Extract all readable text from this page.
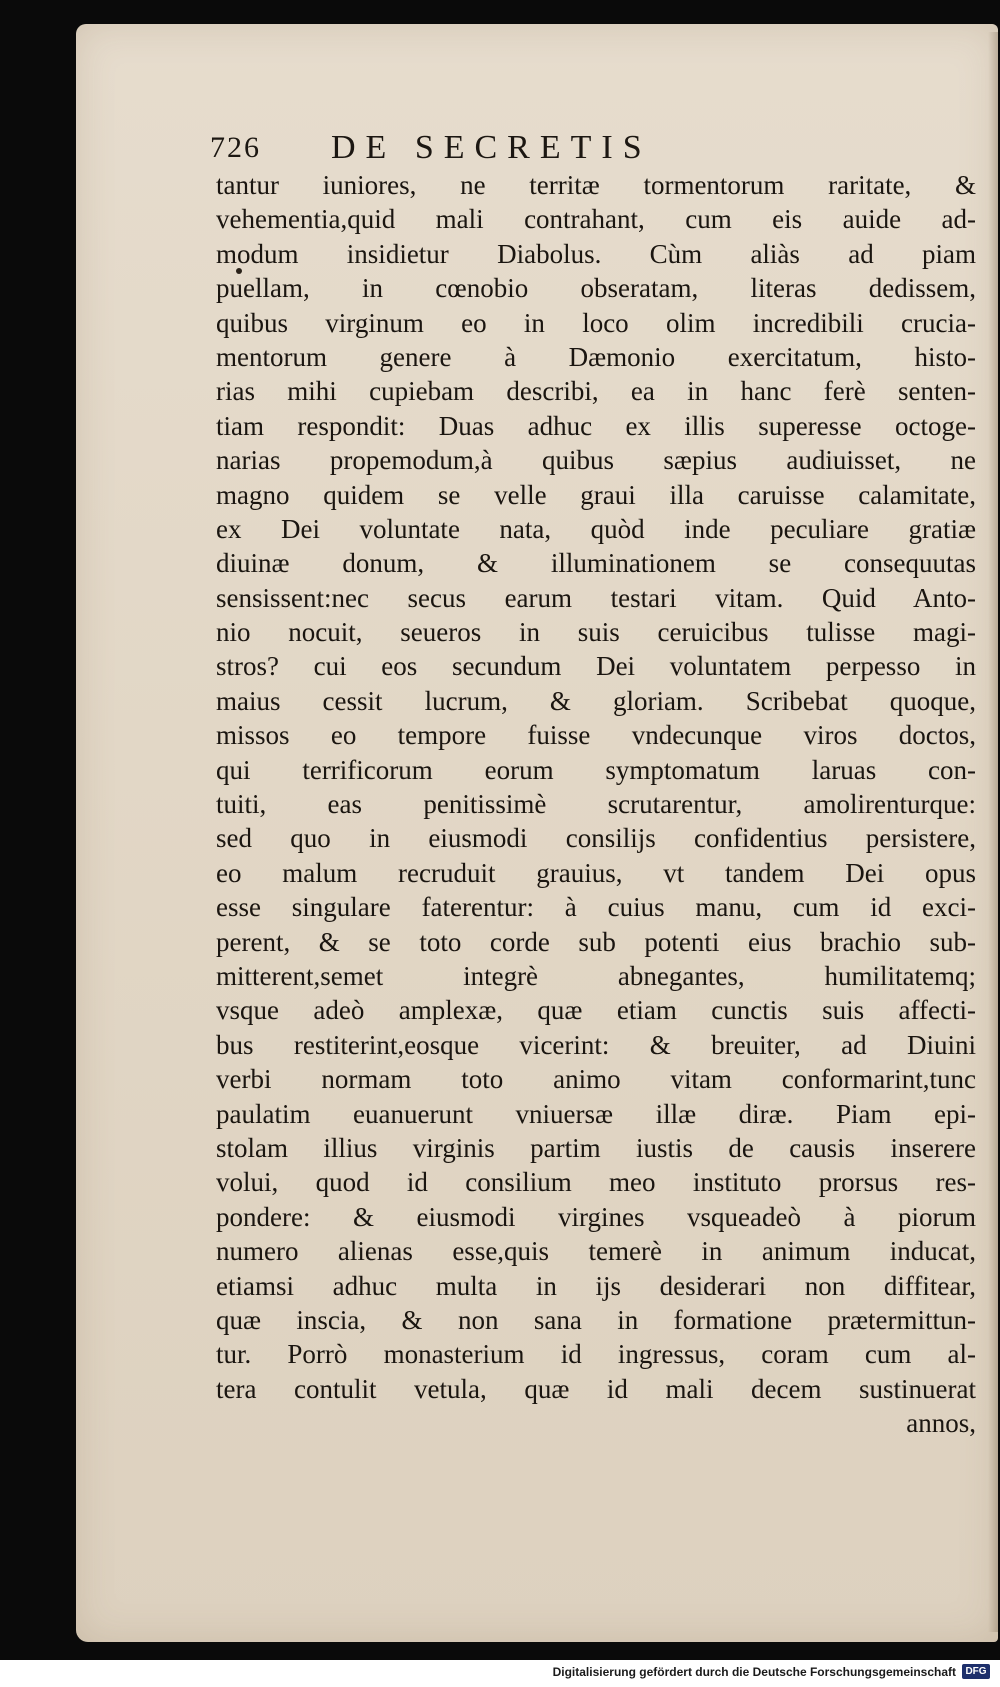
726 DE SECRETIS
tantur iuniores, ne territæ tormentorum raritate, &
vehementia,quid mali contrahant, cum eis auide ad-
modum insidietur Diabolus. Cùm aliàs ad piam
puellam, in cœnobio obseratam, literas dedissem,
quibus virginum eo in loco olim incredibili crucia-
mentorum genere à Dæmonio exercitatum, histo-
rias mihi cupiebam describi, ea in hanc ferè senten-
tiam respondit: Duas adhuc ex illis superesse octoge-
narias propemodum,à quibus sæpius audiuisset, ne
magno quidem se velle graui illa caruisse calamitate,
ex Dei voluntate nata, quòd inde peculiare gratiæ
diuinæ donum, & illuminationem se consequutas
sensissent:nec secus earum testari vitam. Quid Anto-
nio nocuit, seueros in suis ceruicibus tulisse magi-
stros? cui eos secundum Dei voluntatem perpesso in
maius cessit lucrum, & gloriam. Scribebat quoque,
missos eo tempore fuisse vndecunque viros doctos,
qui terrificorum eorum symptomatum laruas con-
tuiti, eas penitissimè scrutarentur, amolirenturque:
sed quo in eiusmodi consilijs confidentius persistere,
eo malum recruduit grauius, vt tandem Dei opus
esse singulare faterentur: à cuius manu, cum id exci-
perent, & se toto corde sub potenti eius brachio sub-
mitterent,semet integrè abnegantes, humilitatemq;
vsque adeò amplexæ, quæ etiam cunctis suis affecti-
bus restiterint,eosque vicerint: & breuiter, ad Diuini
verbi normam toto animo vitam conformarint,tunc
paulatim euanuerunt vniuersæ illæ diræ. Piam epi-
stolam illius virginis partim iustis de causis inserere
volui, quod id consilium meo instituto prorsus res-
pondere: & eiusmodi virgines vsqueadeò à piorum
numero alienas esse,quis temerè in animum inducat,
etiamsi adhuc multa in ijs desiderari non diffitear,
quæ inscia, & non sana in formatione prætermittun-
tur. Porrò monasterium id ingressus, coram cum al-
tera contulit vetula, quæ id mali decem sustinuerat
annos,
Digitalisierung gefördert durch die Deutsche Forschungsgemeinschaft DFG
